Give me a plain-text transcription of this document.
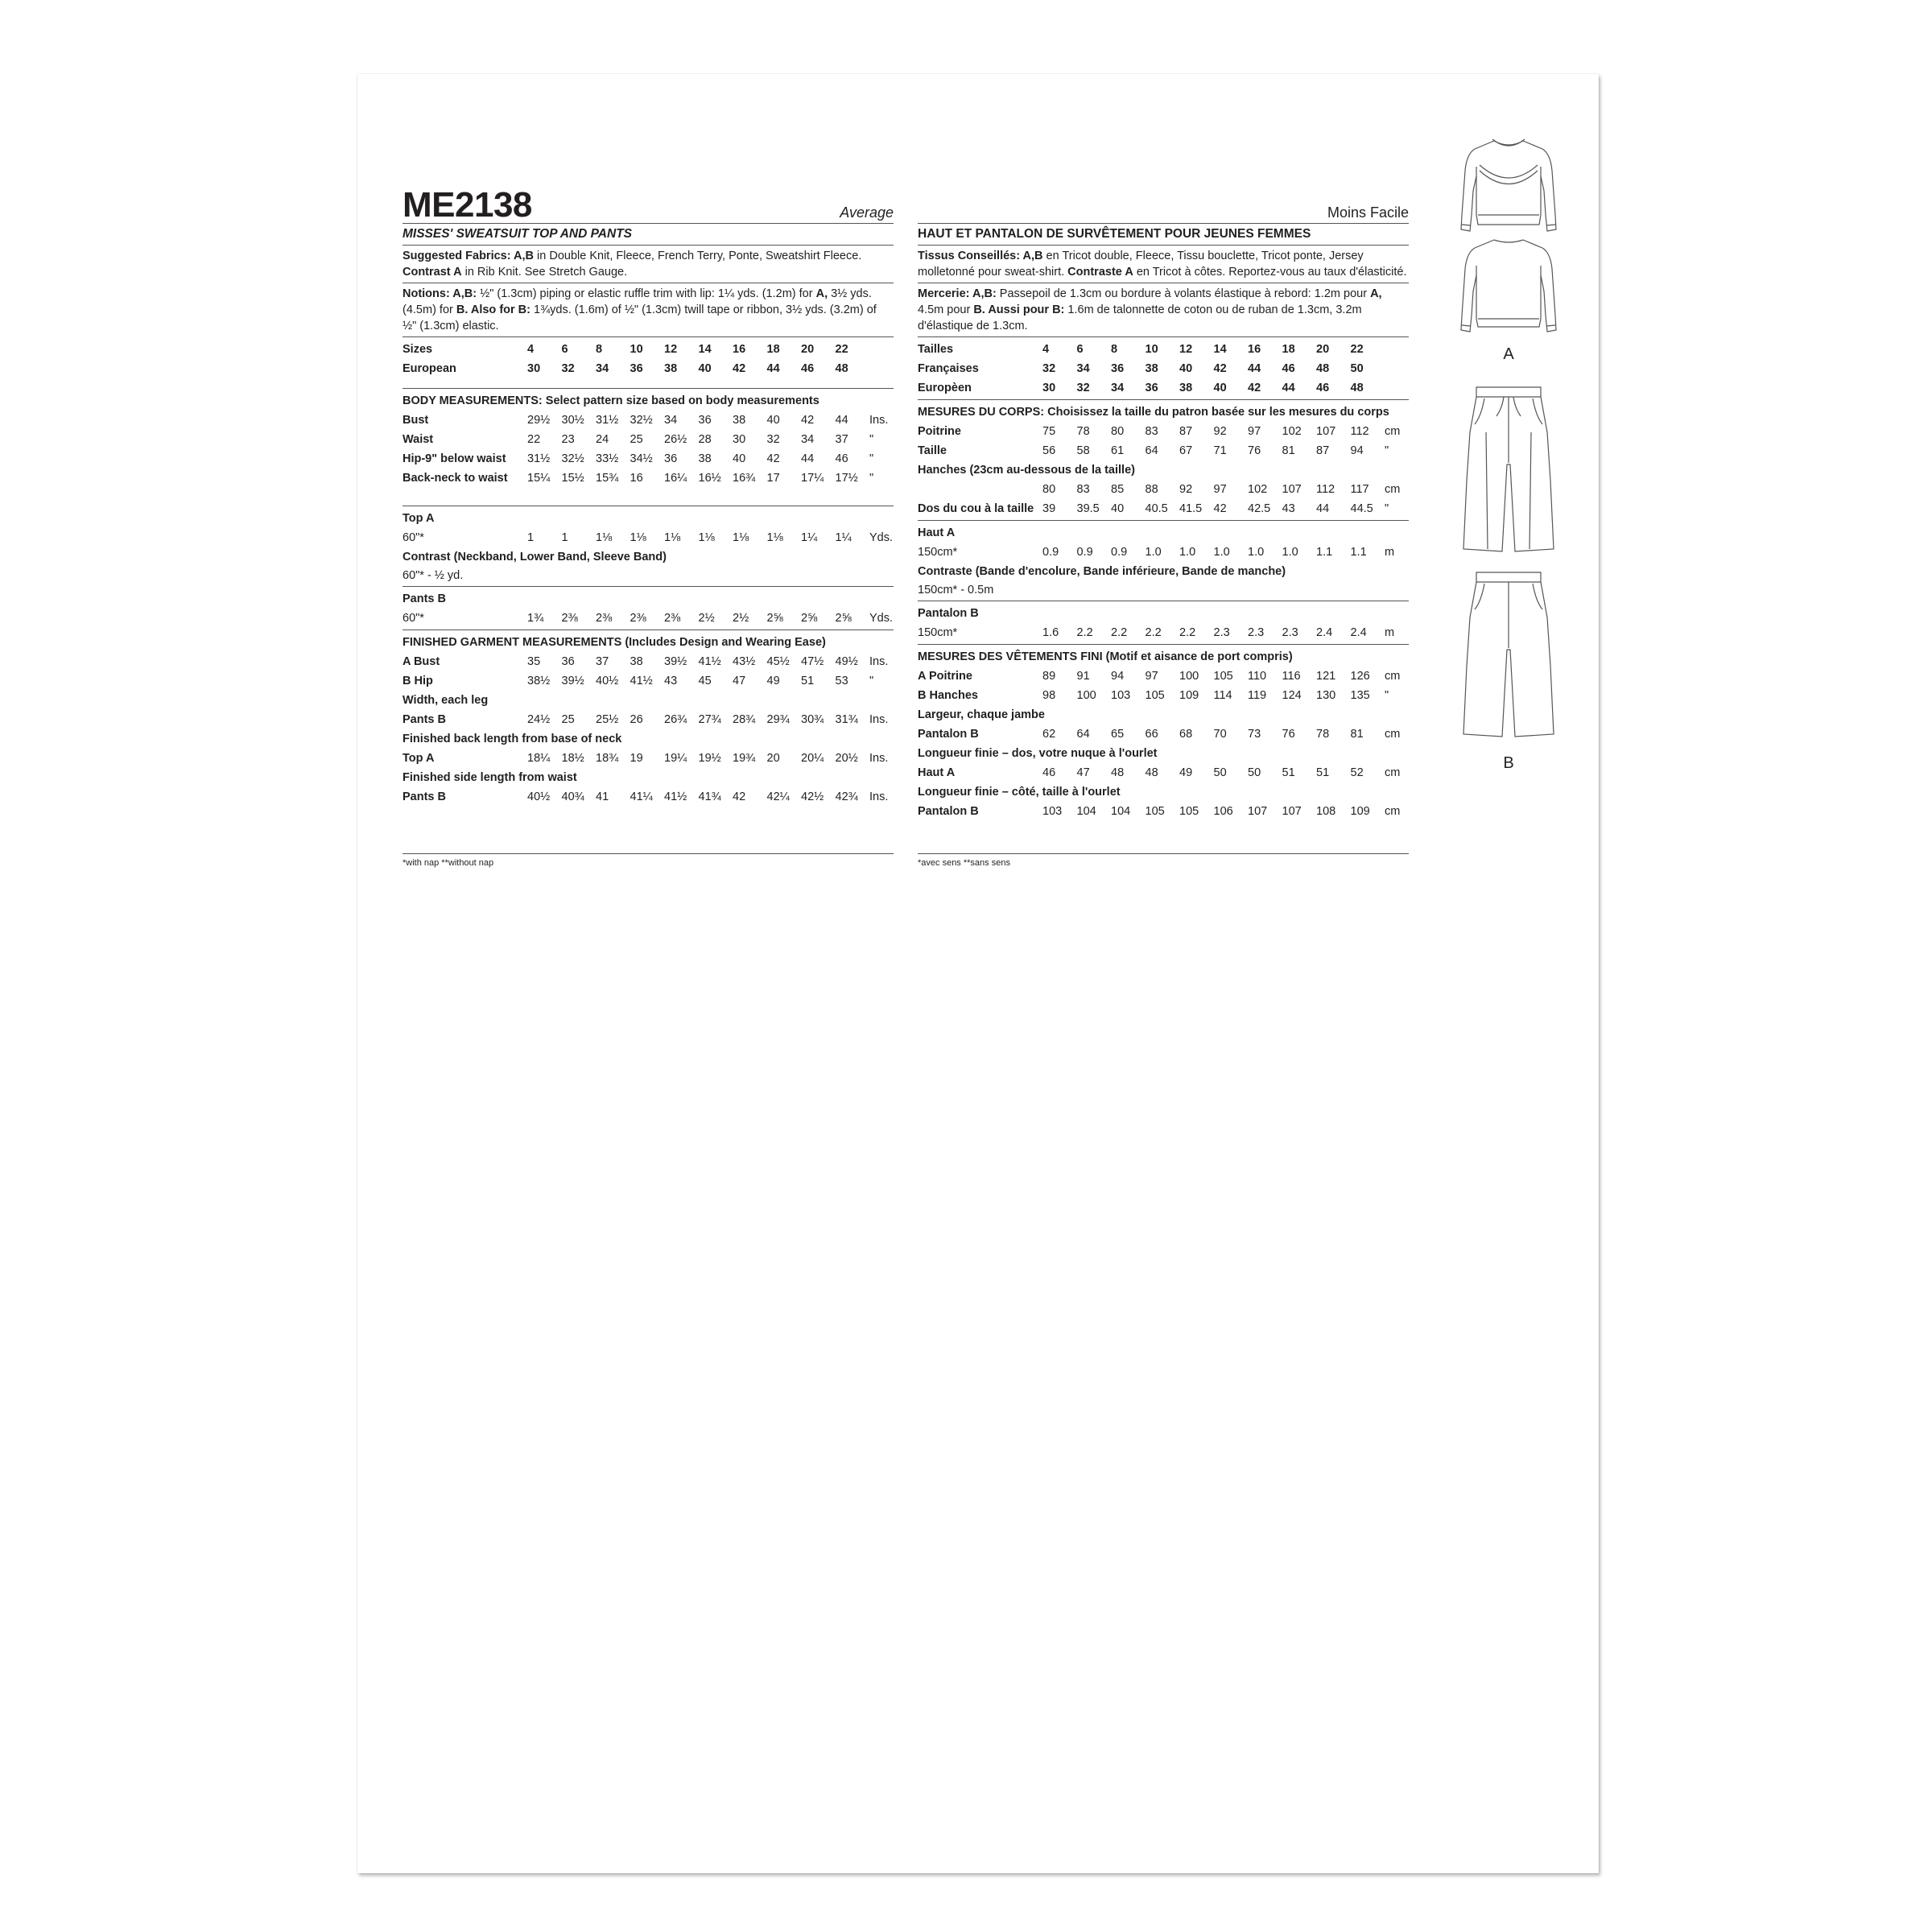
ME2138	Average
MISSES' SWEATSUIT TOP AND PANTS
Suggested Fabrics: A,B in Double Knit, Fleece, French Terry, Ponte, Sweatshirt Fleece. Contrast A in Rib Knit. See Stretch Gauge.
Notions: A,B: ½" (1.3cm) piping or elastic ruffle trim with lip: 1¼ yds. (1.2m) for A, 3½ yds. (4.5m) for B. Also for B: 1¾yds. (1.6m) of ½" (1.3cm) twill tape or ribbon, 3½ yds. (3.2m) of ½" (1.3cm) elastic.
Sizes	4	6	8	10	12	14	16	18	20	22
European	30	32	34	36	38	40	42	44	46	48
BODY MEASUREMENTS: Select pattern size based on body measurements
Bust	29½ 30½ 31½ 32½ 34	36	38	40	42	44	Ins.
Waist	22	23	24	25	26½ 28	30	32	34	37	"
Hip-9" below waist	31½ 32½ 33½ 34½ 36	38	40	42	44	46	"
Back-neck to waist	15¼ 15½ 15¾ 16	16¼ 16½ 16¾ 17	17¼ 17½ "
Top A
60"*	1	1	1⅛	1⅛	1⅛	1⅛	1⅛	1⅛	1¼	1¼	Yds.
Contrast (Neckband, Lower Band, Sleeve Band)
60"* - ½ yd.
Pants B
60"*	1¾	2⅜	2⅜	2⅜	2⅜	2½	2½	2⅝	2⅝	2⅝	Yds.
FINISHED GARMENT MEASUREMENTS (Includes Design and Wearing Ease)
A Bust	35	36	37	38	39½ 41½ 43½ 45½ 47½ 49½ Ins.
B Hip	38½ 39½ 40½ 41½ 43	45	47	49	51	53	"
Width, each leg
Pants B	24½ 25	25½ 26	26¾ 27¾ 28¾ 29¾ 30¾ 31¾ Ins.
Finished back length from base of neck
Top A	18¼ 18½ 18¾ 19	19¼ 19½ 19¾ 20	20¼ 20½ Ins.
Finished side length from waist
Pants B	40½ 40¾ 41	41¼ 41½ 41¾ 42	42¼ 42½ 42¾ Ins.
Moins Facile
HAUT ET PANTALON DE SURVÊTEMENT POUR JEUNES FEMMES
Tissus Conseillés: A,B en Tricot double, Fleece, Tissu bouclette, Tricot ponte, Jersey molletonné pour sweat-shirt. Contraste A en Tricot à côtes. Reportez-vous au taux d'élasticité.
Mercerie: A,B: Passepoil de 1.3cm ou bordure à volants élastique à rebord: 1.2m pour A, 4.5m pour B. Aussi pour B: 1.6m de talonnette de coton ou de ruban de 1.3cm, 3.2m d'élastique de 1.3cm.
Tailles	4	6	8	10	12	14	16	18	20	22
Françaises	32	34	36	38	40	42	44	46	48	50
Europèen	30	32	34	36	38	40	42	44	46	48
MESURES DU CORPS: Choisissez la taille du patron basée sur les mesures du corps
Poitrine	75	78	80	83	87	92	97	102	107	112	cm
Taille	56	58	61	64	67	71	76	81	87	94	"
Hanches (23cm au-dessous de la taille)
80	83	85	88	92	97	102	107	112	117	cm
Dos du cou à la taille 39	39.5 40	40.5 41.5 42	42.5 43	44	44.5 "
Haut A
150cm*	0.9	0.9	0.9	1.0	1.0	1.0	1.0	1.0	1.1	1.1	m
Contraste (Bande d'encolure, Bande inférieure, Bande de manche)
150cm* - 0.5m
Pantalon B
150cm*	1.6	2.2	2.2	2.2	2.2	2.3	2.3	2.3	2.4	2.4	m
MESURES DES VÊTEMENTS FINI (Motif et aisance de port compris)
A Poitrine	89	91	94	97	100	105	110	116	121	126	cm
B Hanches	98	100	103	105	109	114	119	124	130	135	"
Largeur, chaque jambe
Pantalon B	62	64	65	66	68	70	73	76	78	81	cm
Longueur finie – dos, votre nuque à l'ourlet
Haut A	46	47	48	48	49	50	50	51	51	52	cm
Longueur finie – côté, taille à l'ourlet
Pantalon B	103	104	104	105	105	106	107	107	108	109	cm
*with nap **without nap	*avec sens **sans sens
A
B
